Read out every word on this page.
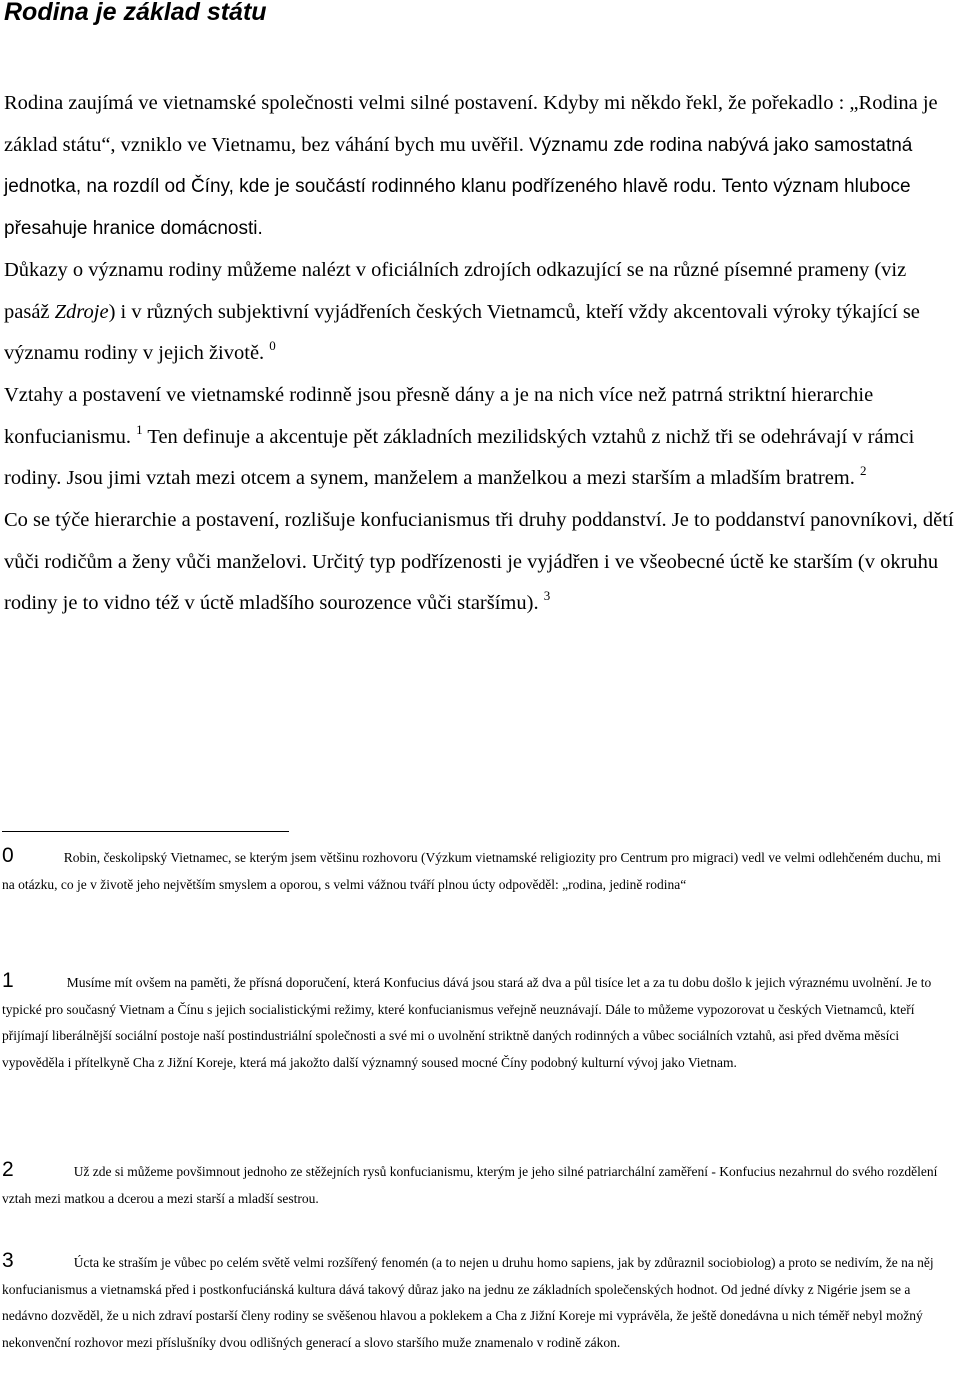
Rodina je základ státu
Rodina zaujímá ve vietnamské společnosti velmi silné postavení. Kdyby mi někdo řekl, že pořekadlo : „Rodina je základ státu“, vzniklo ve Vietnamu, bez váhání bych mu uvěřil. Významu zde rodina nabývá jako samostatná jednotka, na rozdíl od Číny, kde je součástí rodinného klanu podřízeného hlavě rodu. Tento význam hluboce přesahuje hranice domácnosti.
Důkazy o významu rodiny můžeme nalézt v oficiálních zdrojích odkazující se na různé písemné prameny (viz pasáž Zdroje) i v různých subjektivní vyjádřeních českých Vietnamců, kteří vždy akcentovali výroky týkající se významu rodiny v jejich životě. $^0$
Vztahy a postavení ve vietnamské rodinně jsou přesně dány a je na nich více než patrná striktní hierarchie konfucianismu. $^1$ Ten definuje a akcentuje pět základních mezilidských vztahů z nichž tři se odehrávají v rámci rodiny. Jsou jimi vztah mezi otcem a synem, manželem a manželkou a mezi starším a mladším bratrem. $^2$
Co se týče hierarchie a postavení, rozlišuje konfucianismus tři druhy poddanství. Je to poddanství panovníkovi, dětí vůči rodičům a ženy vůči manželovi. Určitý typ podřízenosti je vyjádřen i ve všeobecné úctě ke starším (v okruhu rodiny je to vidno též v úctě mladšího sourozence vůči staršímu). $^3$
0	Robin, českolipský Vietnamec, se kterým jsem většinu rozhovoru (Výzkum vietnamské religiozity pro Centrum pro migraci) vedl ve velmi odlehčeném duchu, mi na otázku, co je v životě jeho největším smyslem a oporou, s velmi vážnou tváří plnou úcty odpověděl: „rodina, jedině rodina“
1	Musíme mít ovšem na paměti, že přísná doporučení, která Konfucius dává jsou stará až dva a půl tisíce let a za tu dobu došlo k jejich výraznému uvolnění. Je to typické pro současný Vietnam a Čínu s jejich socialistickými režimy, které konfucianismus veřejně neuznávají. Dále to můžeme vypozorovat u českých Vietnamců, kteří přijímají liberálnější sociální postoje naší postindustriální společnosti a své mi o uvolnění striktně daných rodinných a vůbec sociálních vztahů, asi před dvěma měsíci vypověděla i přítelkyně Cha z Jižní Koreje, která má jakožto další významný soused mocné Číny podobný kulturní vývoj jako Vietnam.
2	Už zde si můžeme povšimnout jednoho ze stěžejních rysů konfucianismu, kterým je jeho silné patriarchální zaměření - Konfucius nezahrnul do svého rozdělení vztah mezi matkou a dcerou a mezi starší a mladší sestrou.
3	Úcta ke straším je vůbec po celém světě velmi rozšířený fenomén (a to nejen u druhu homo sapiens, jak by zdůraznil sociobiolog) a proto se nedivím, že na něj konfucianismus a vietnamská před i postkonfuciánská kultura dává takový důraz jako na jednu ze základních společenských hodnot. Od jedné dívky z Nigérie jsem se a nedávno dozvěděl, že u nich zdraví postarší členy rodiny se svěšenou hlavou a poklekem a Cha z Jižní Koreje mi vyprávěla, že ještě donedávna u nich téměř nebyl možný nekonvenční rozhovor mezi příslušníky dvou odlišných generací a slovo staršího muže znamenalo v rodině zákon.
